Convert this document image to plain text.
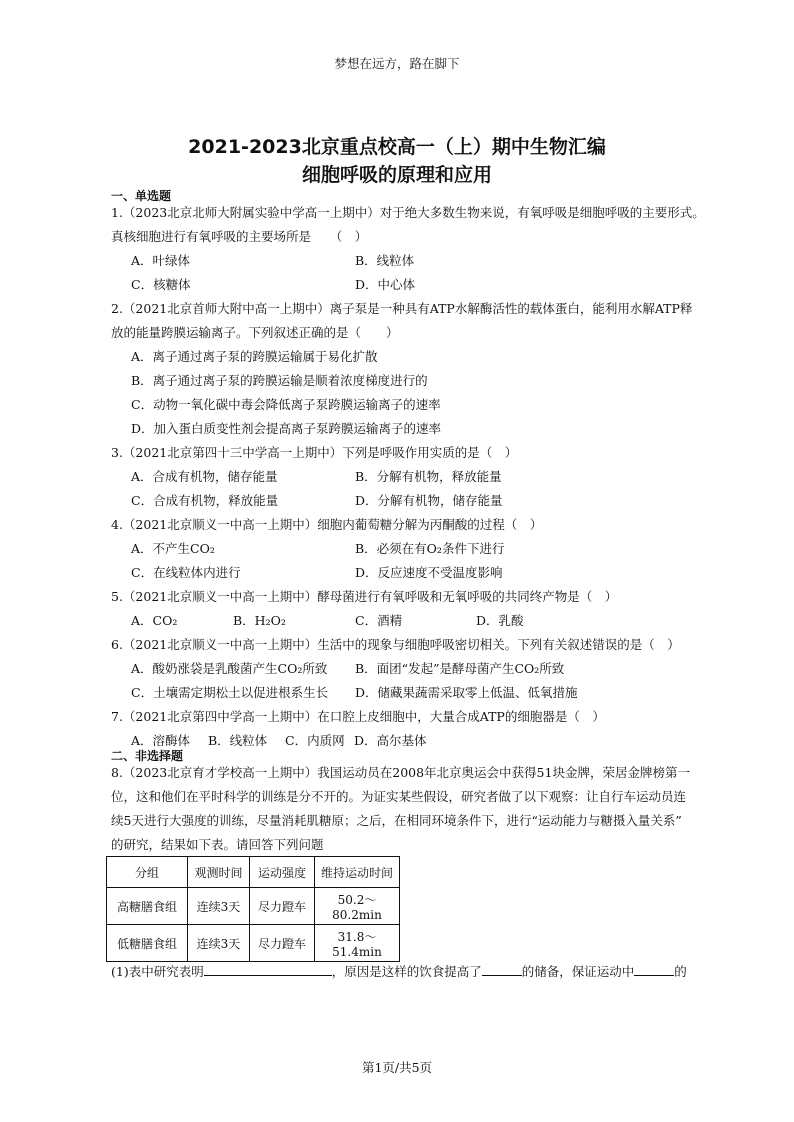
梦想在远方，路在脚下
2021-2023北京重点校高一（上）期中生物汇编
细胞呼吸的原理和应用
一、单选题
1.（2023北京北师大附属实验中学高一上期中）对于绝大多数生物来说，有氧呼吸是细胞呼吸的主要形式。
真核细胞进行有氧呼吸的主要场所是　　（　）
A．叶绿体	B．线粒体
C．核糖体	D．中心体
2.（2021北京首师大附中高一上期中）离子泵是一种具有ATP水解酶活性的载体蛋白，能利用水解ATP释
放的能量跨膜运输离子。下列叙述正确的是（　　）
A．离子通过离子泵的跨膜运输属于易化扩散
B．离子通过离子泵的跨膜运输是顺着浓度梯度进行的
C．动物一氧化碳中毒会降低离子泵跨膜运输离子的速率
D．加入蛋白质变性剂会提高离子泵跨膜运输离子的速率
3.（2021北京第四十三中学高一上期中）下列是呼吸作用实质的是（　）
A．合成有机物，储存能量	B．分解有机物，释放能量
C．合成有机物，释放能量	D．分解有机物，储存能量
4.（2021北京顺义一中高一上期中）细胞内葡萄糖分解为丙酮酸的过程（　）
A．不产生CO₂	B．必须在有O₂条件下进行
C．在线粒体内进行	D．反应速度不受温度影响
5.（2021北京顺义一中高一上期中）酵母菌进行有氧呼吸和无氧呼吸的共同终产物是（　）
A．CO₂	B．H₂O₂	C．酒精	D．乳酸
6.（2021北京顺义一中高一上期中）生活中的现象与细胞呼吸密切相关。下列有关叙述错误的是（　）
A．酸奶涨袋是乳酸菌产生CO₂所致 B．面团“发起”是酵母菌产生CO₂所致
C．土壤需定期松土以促进根系生长 D．储藏果蔬需采取零上低温、低氧措施
7.（2021北京第四中学高一上期中）在口腔上皮细胞中，大量合成ATP的细胞器是（　）
A．溶酶体 B．线粒体 C．内质网 D．高尔基体
二、非选择题
8.（2023北京育才学校高一上期中）我国运动员在2008年北京奥运会中获得51块金牌，荣居金牌榜第一
位，这和他们在平时科学的训练是分不开的。为证实某些假设，研究者做了以下观察：让自行车运动员连
续5天进行大强度的训练，尽量消耗肌糖原；之后，在相同环境条件下，进行“运动能力与糖摄入量关系”
的研究，结果如下表。请回答下列问题
分组	观测时间	运动强度	维持运动时间
高糖膳食组	连续3天	尽力蹬车	50.2～80.2min
低糖膳食组	连续3天	尽力蹬车	31.8～51.4min
(1)表中研究表明	，原因是这样的饮食提高了	的储备，保证运动中	的
第1页/共5页
